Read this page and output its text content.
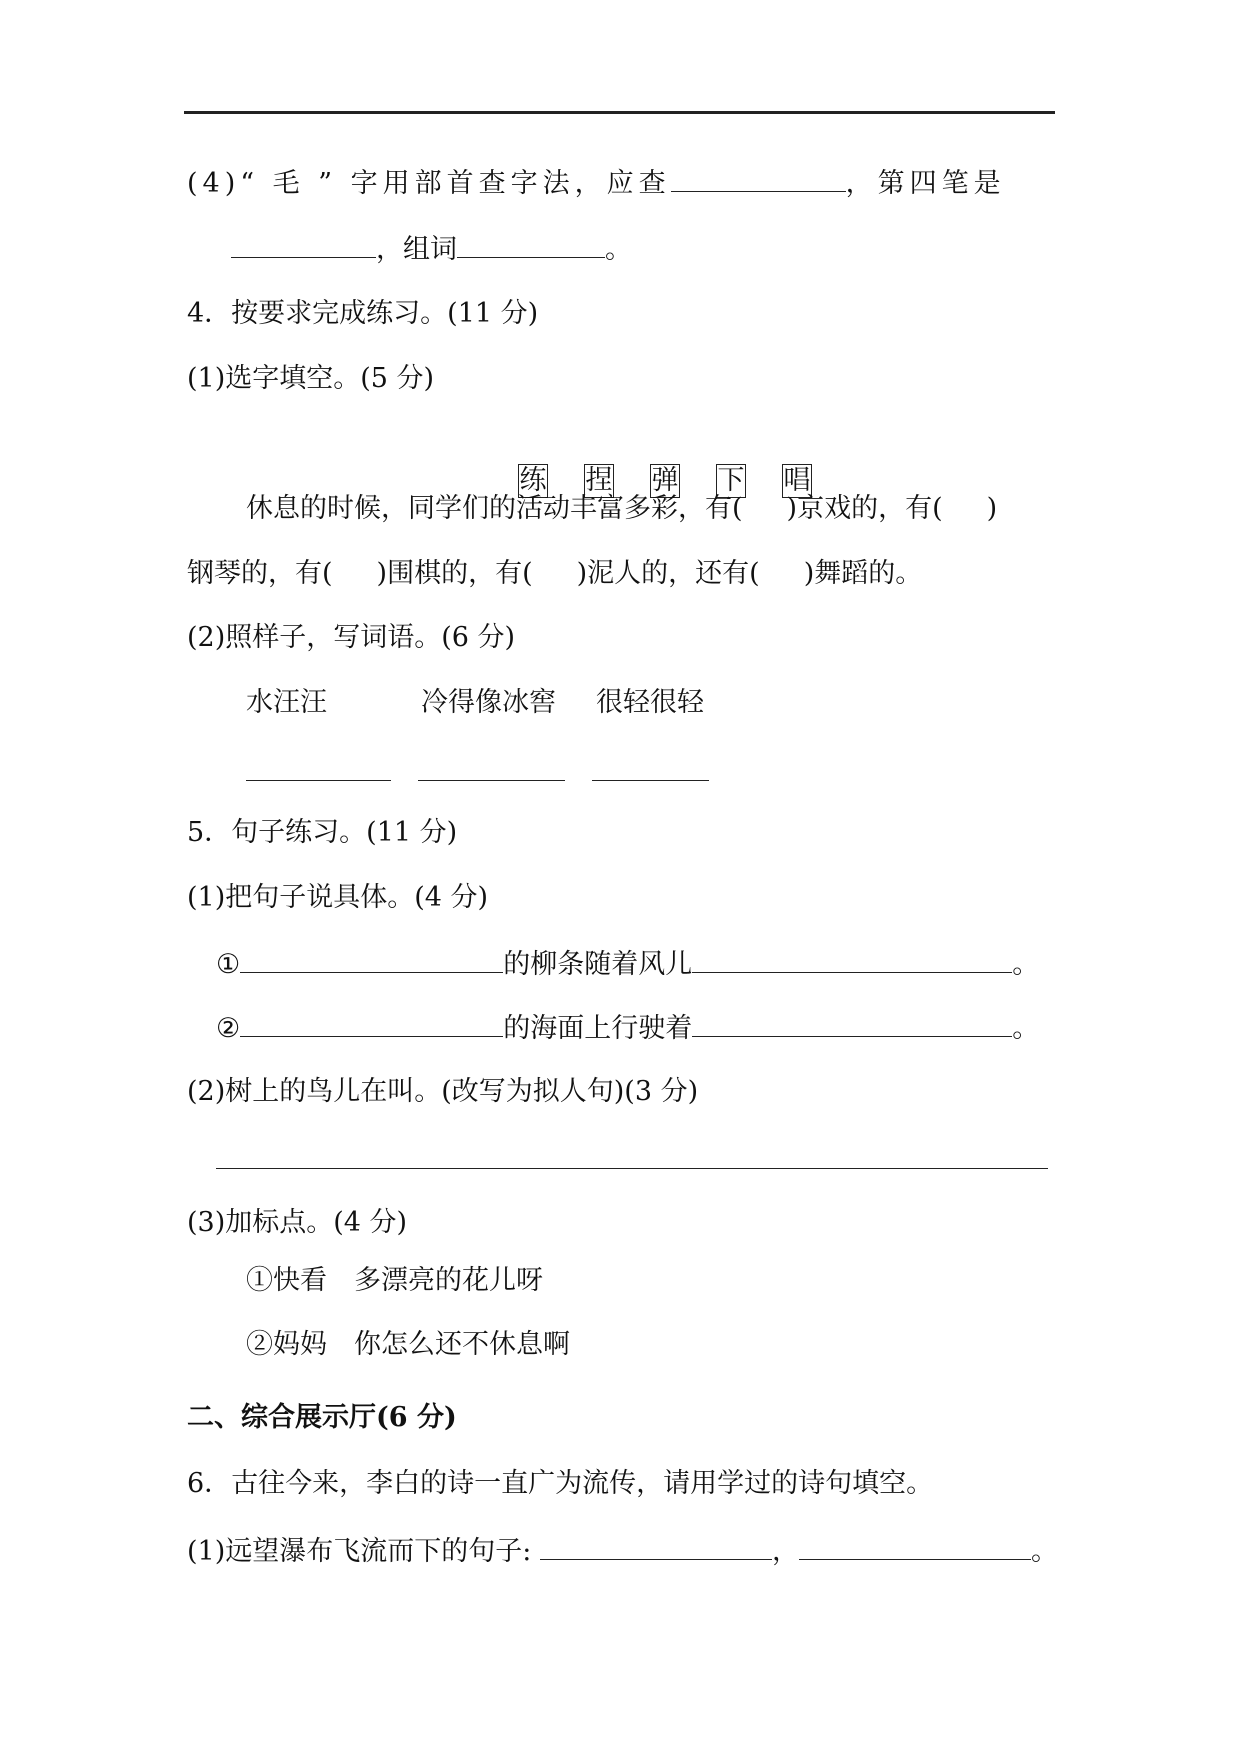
(4)“ 毛 ” 字用部首查字法，应查	，第四笔是
，组词	。
4．按要求完成练习。(11 分)
(1)选字填空。(5 分)

练 捏 弹 下 唱
休息的时候，同学们的活动丰富多彩，有( )京戏的，有( )
钢琴的，有( )围棋的，有( )泥人的，还有( )舞蹈的。
(2)照样子，写词语。(6 分)
水汪汪	冷得像冰窖 很轻很轻

5．句子练习。(11 分)
(1)把句子说具体。(4 分)
①	的柳条随着风儿	。
②	的海面上行驶着	。
(2)树上的鸟儿在叫。(改写为拟人句)(3 分)
(3)加标点。(4 分)
①快看　多漂亮的花儿呀
②妈妈　你怎么还不休息啊
二、综合展示厅(6 分)
6．古往今来，李白的诗一直广为流传，请用学过的诗句填空。
(1)远望瀑布飞流而下的句子:	，	。
